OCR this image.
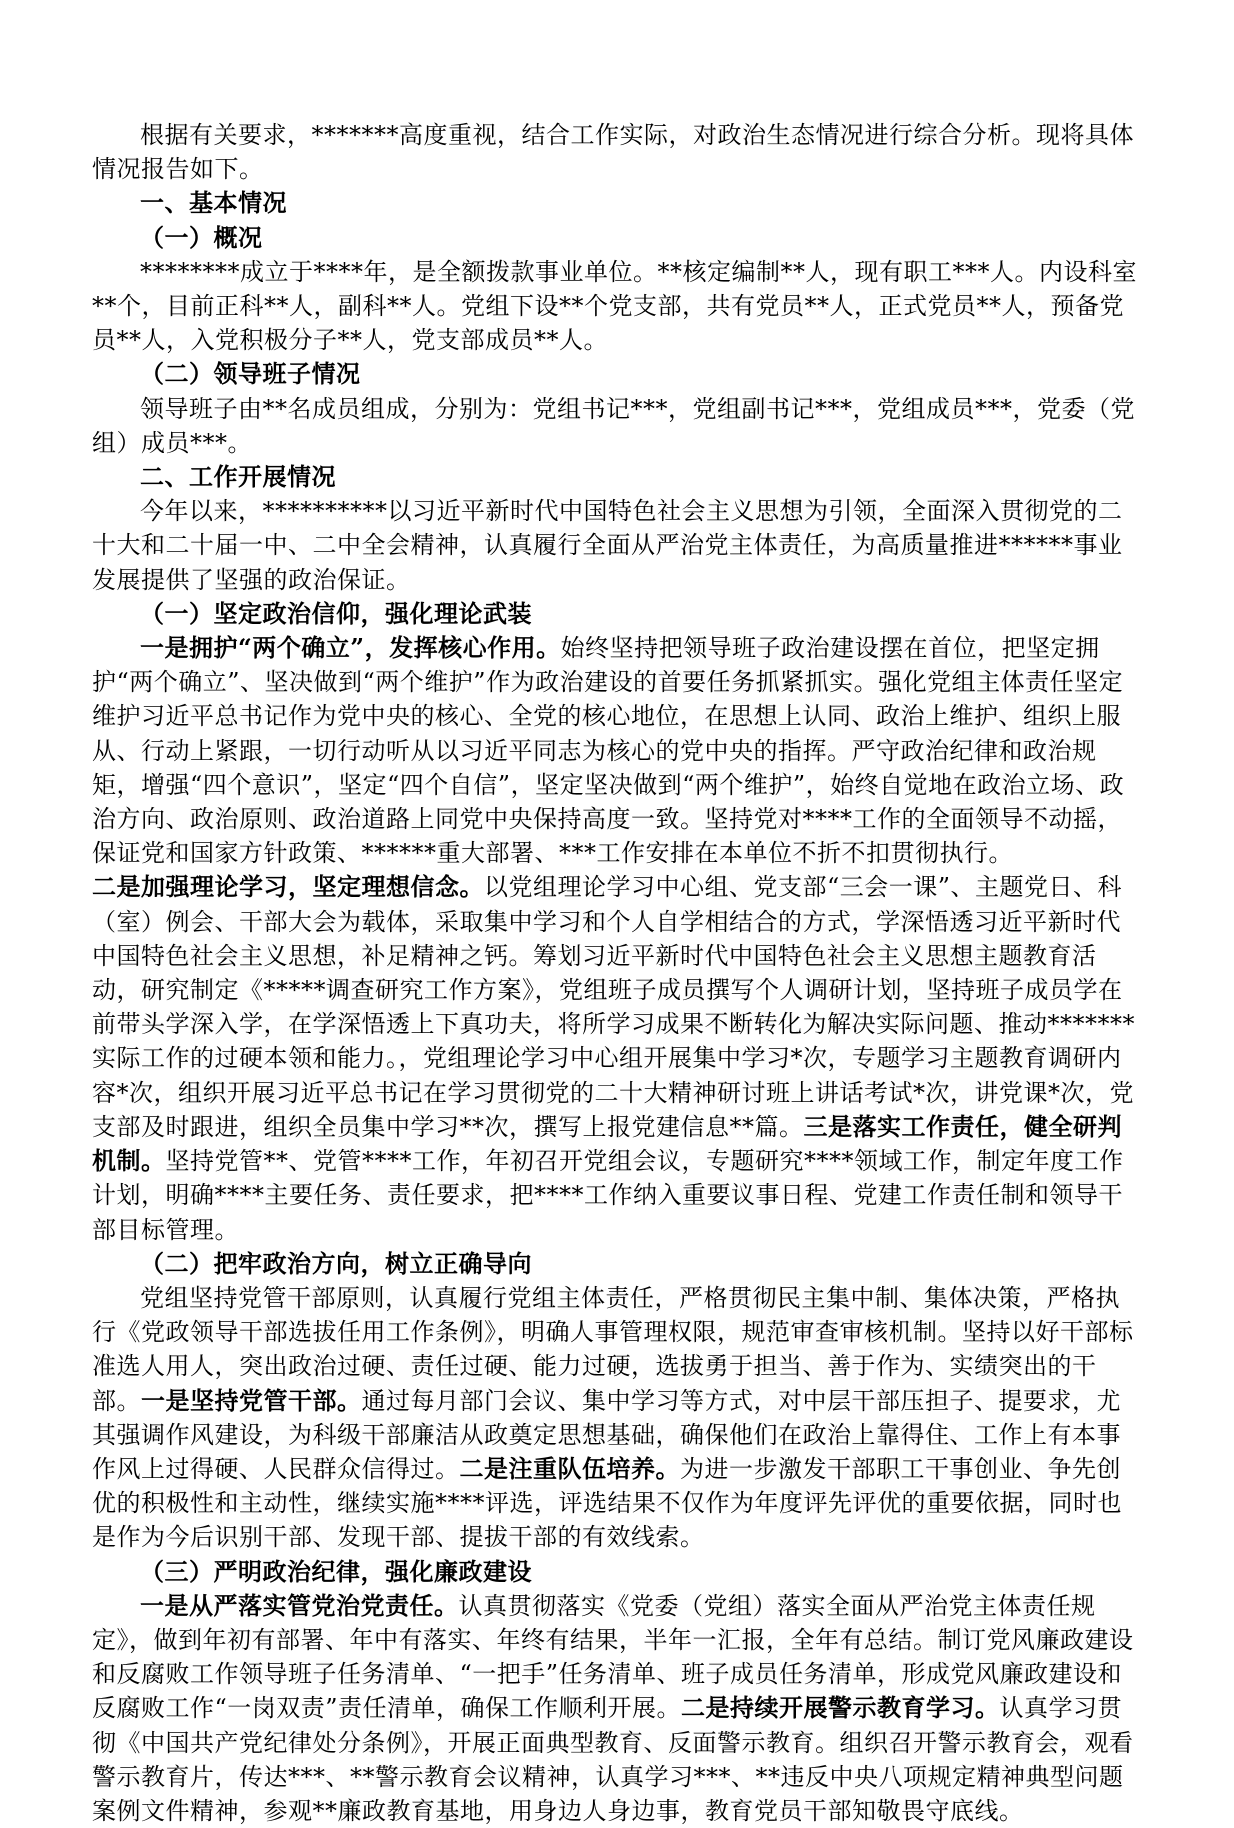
根据有关要求，*******高度重视，结合工作实际，对政治生态情况进行综合分析。现将具体情况报告如下。

一、基本情况

（一）概况

********成立于****年，是全额拨款事业单位。**核定编制**人，现有职工***人。内设科室**个，目前正科**人，副科**人。党组下设**个党支部，共有党员**人，正式党员**人，预备党员**人，入党积极分子**人，党支部成员**人。

（二）领导班子情况

领导班子由**名成员组成，分别为：党组书记***，党组副书记***，党组成员***，党委（党组）成员***。

二、工作开展情况

今年以来，**********以习近平新时代中国特色社会主义思想为引领，全面深入贯彻党的二十大和二十届一中、二中全会精神，认真履行全面从严治党主体责任，为高质量推进******事业发展提供了坚强的政治保证。

（一）坚定政治信仰，强化理论武装

一是拥护“两个确立”，发挥核心作用。始终坚持把领导班子政治建设摆在首位，把坚定拥护“两个确立”、坚决做到“两个维护”作为政治建设的首要任务抓紧抓实。强化党组主体责任坚定维护习近平总书记作为党中央的核心、全党的核心地位，在思想上认同、政治上维护、组织上服从、行动上紧跟，一切行动听从以习近平同志为核心的党中央的指挥。严守政治纪律和政治规矩，增强“四个意识”，坚定“四个自信”，坚定坚决做到“两个维护”，始终自觉地在政治立场、政治方向、政治原则、政治道路上同党中央保持高度一致。坚持党对****工作的全面领导不动摇，保证党和国家方针政策、******重大部署、***工作安排在本单位不折不扣贯彻执行。

二是加强理论学习，坚定理想信念。以党组理论学习中心组、党支部“三会一课”、主题党日、科（室）例会、干部大会为载体，采取集中学习和个人自学相结合的方式，学深悟透习近平新时代中国特色社会主义思想，补足精神之钙。筹划习近平新时代中国特色社会主义思想主题教育活动，研究制定《*****调查研究工作方案》，党组班子成员撰写个人调研计划，坚持班子成员学在前带头学深入学，在学深悟透上下真功夫，将所学习成果不断转化为解决实际问题、推动*******实际工作的过硬本领和能力。，党组理论学习中心组开展集中学习*次，专题学习主题教育调研内容*次，组织开展习近平总书记在学习贯彻党的二十大精神研讨班上讲话考试*次，讲党课*次，党支部及时跟进，组织全员集中学习**次，撰写上报党建信息**篇。三是落实工作责任，健全研判机制。坚持党管**、党管****工作，年初召开党组会议，专题研究****领域工作，制定年度工作计划，明确****主要任务、责任要求，把****工作纳入重要议事日程、党建工作责任制和领导干部目标管理。

（二）把牢政治方向，树立正确导向

党组坚持党管干部原则，认真履行党组主体责任，严格贯彻民主集中制、集体决策，严格执行《党政领导干部选拔任用工作条例》，明确人事管理权限，规范审查审核机制。坚持以好干部标准选人用人，突出政治过硬、责任过硬、能力过硬，选拔勇于担当、善于作为、实绩突出的干部。一是坚持党管干部。通过每月部门会议、集中学习等方式，对中层干部压担子、提要求，尤其强调作风建设，为科级干部廉洁从政奠定思想基础，确保他们在政治上靠得住、工作上有本事作风上过得硬、人民群众信得过。二是注重队伍培养。为进一步激发干部职工干事创业、争先创优的积极性和主动性，继续实施****评选，评选结果不仅作为年度评先评优的重要依据，同时也是作为今后识别干部、发现干部、提拔干部的有效线索。

（三）严明政治纪律，强化廉政建设

一是从严落实管党治党责任。认真贯彻落实《党委（党组）落实全面从严治党主体责任规定》，做到年初有部署、年中有落实、年终有结果，半年一汇报，全年有总结。制订党风廉政建设和反腐败工作领导班子任务清单、“一把手”任务清单、班子成员任务清单，形成党风廉政建设和反腐败工作“一岗双责”责任清单，确保工作顺利开展。二是持续开展警示教育学习。认真学习贯彻《中国共产党纪律处分条例》，开展正面典型教育、反面警示教育。组织召开警示教育会，观看警示教育片，传达***、**警示教育会议精神，认真学习***、**违反中央八项规定精神典型问题案例文件精神，参观**廉政教育基地，用身边人身边事，教育党员干部知敬畏守底线。
